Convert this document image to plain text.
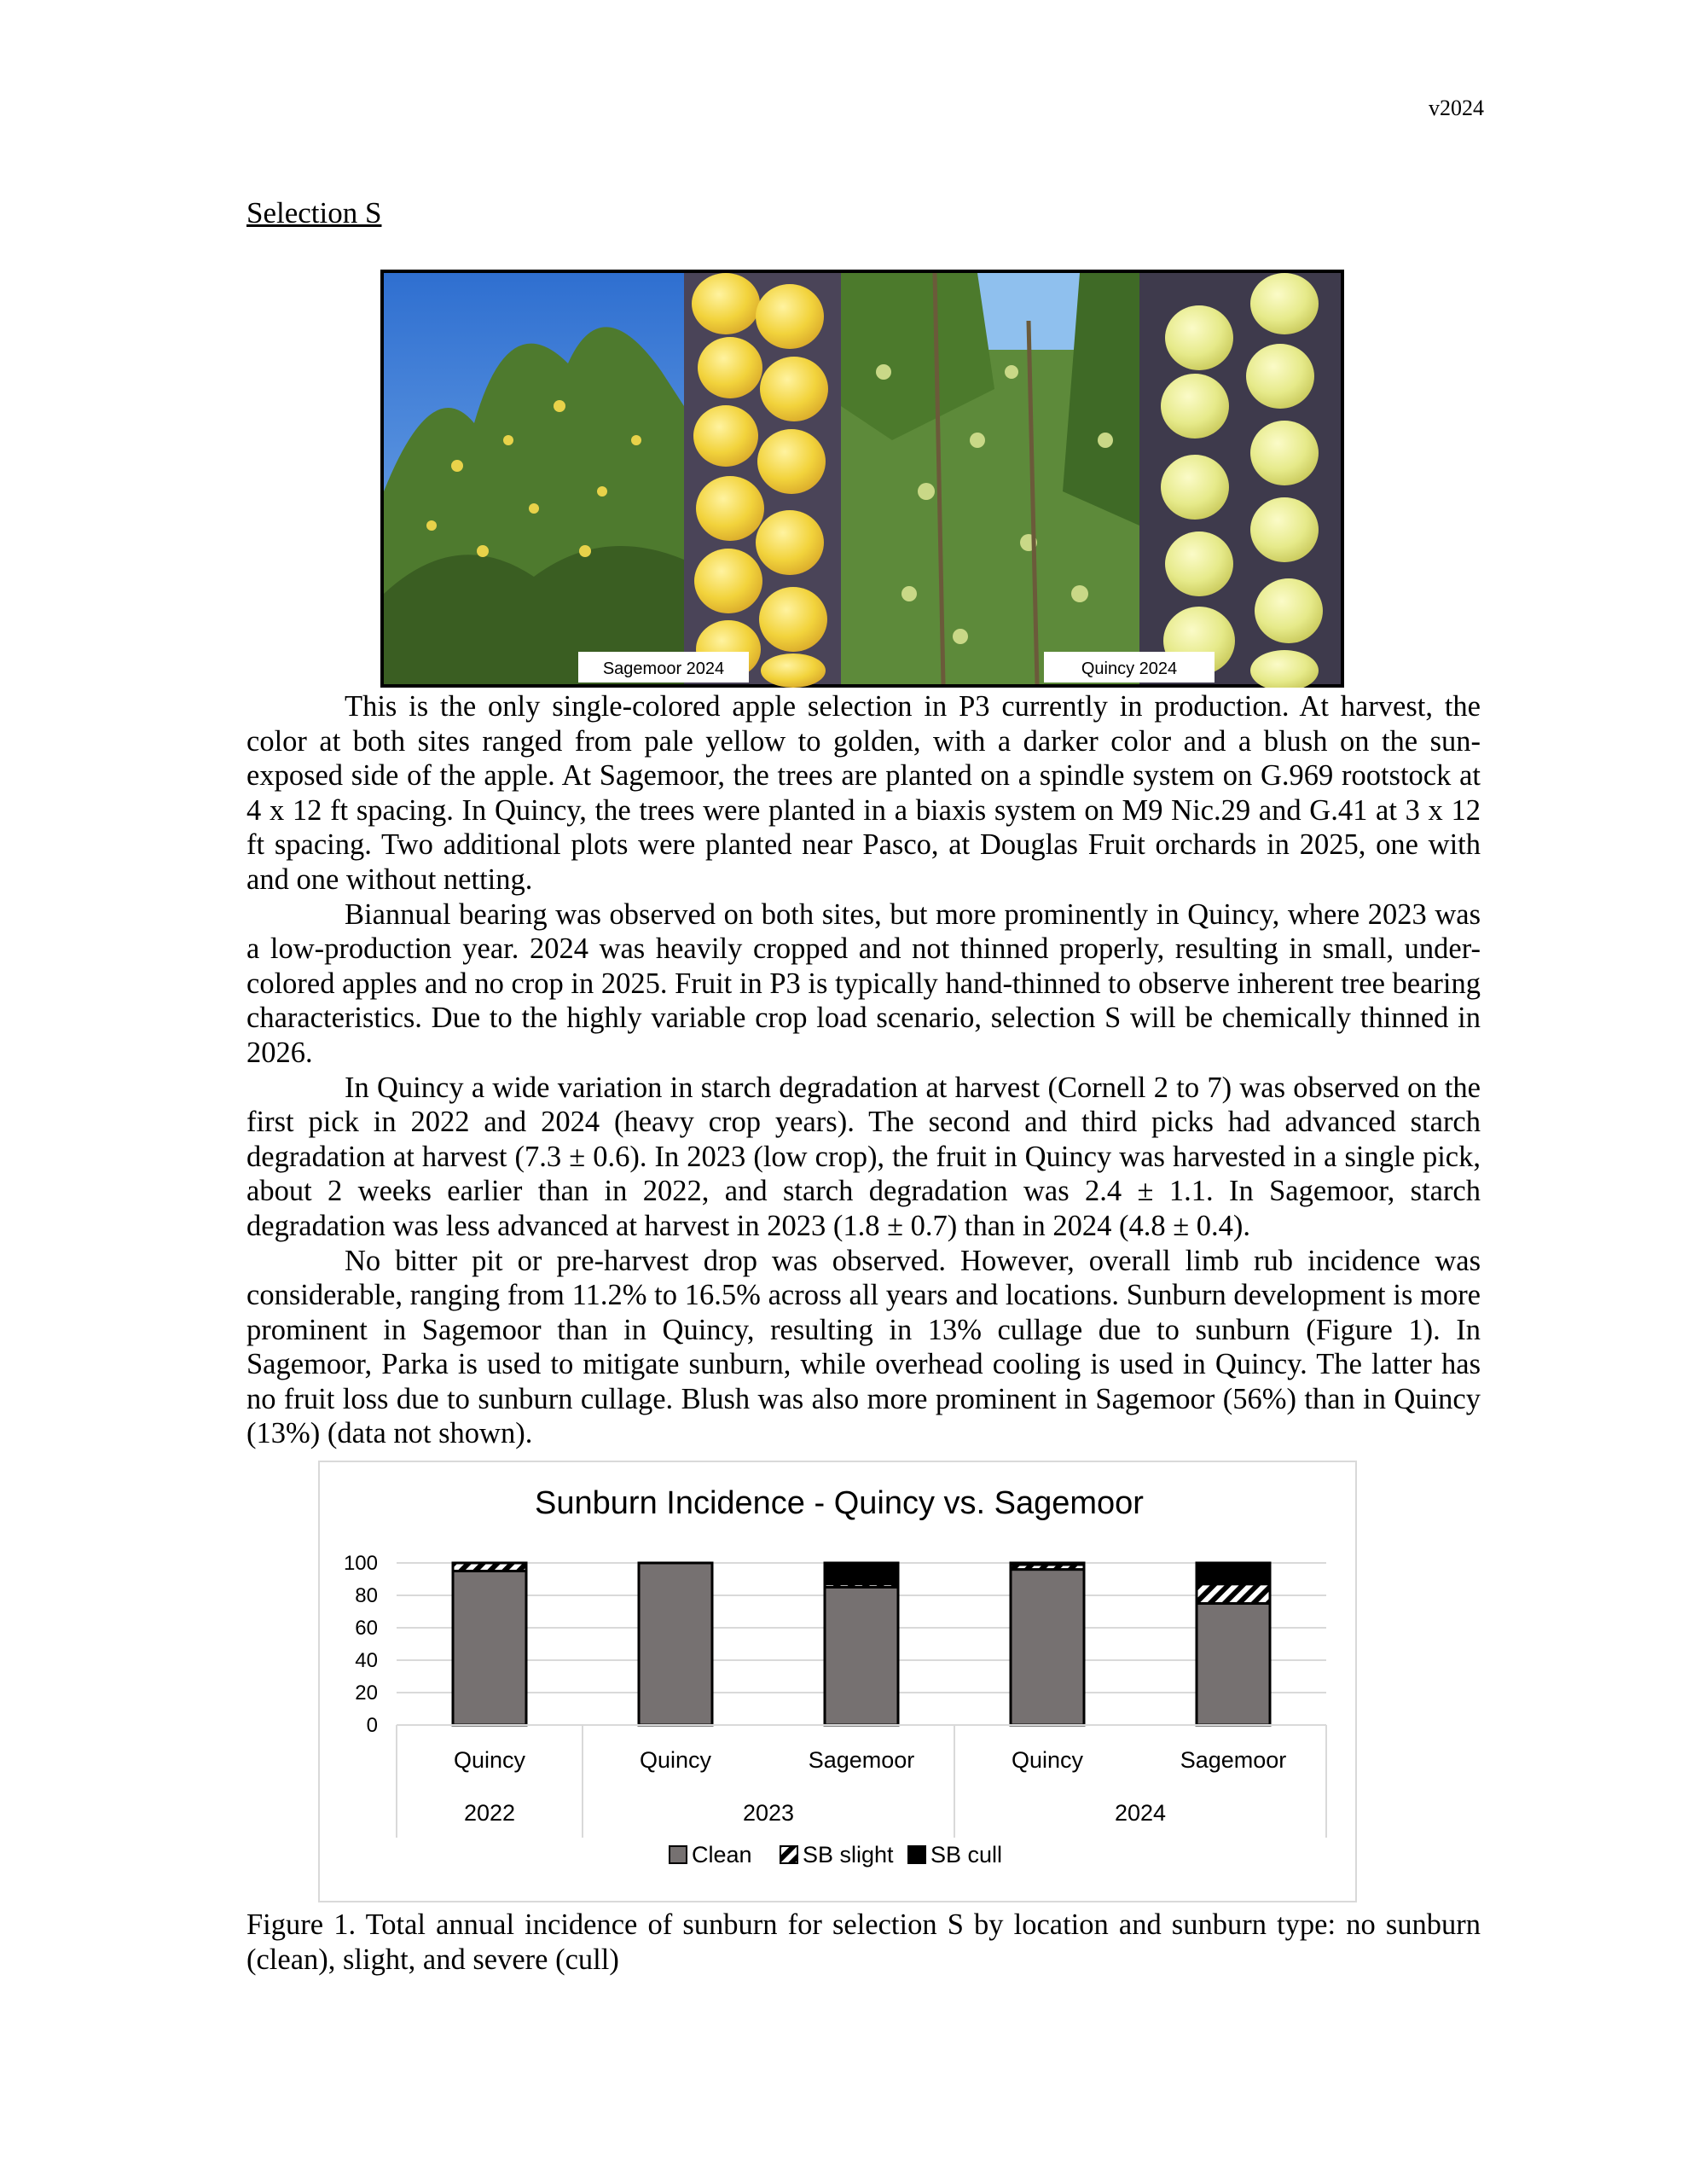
v2024
Selection S
Sagemoor 2024	Quincy 2024

This is the only single-colored apple selection in P3 currently in production. At harvest, the color at both sites ranged from pale yellow to golden, with a darker color and a blush on the sun-exposed side of the apple. At Sagemoor, the trees are planted on a spindle system on G.969 rootstock at 4 x 12 ft spacing. In Quincy, the trees were planted in a biaxis system on M9 Nic.29 and G.41 at 3 x 12 ft spacing. Two additional plots were planted near Pasco, at Douglas Fruit orchards in 2025, one with and one without netting.

Biannual bearing was observed on both sites, but more prominently in Quincy, where 2023 was a low-production year. 2024 was heavily cropped and not thinned properly, resulting in small, under-colored apples and no crop in 2025. Fruit in P3 is typically hand-thinned to observe inherent tree bearing characteristics. Due to the highly variable crop load scenario, selection S will be chemically thinned in 2026.

In Quincy a wide variation in starch degradation at harvest (Cornell 2 to 7) was observed on the first pick in 2022 and 2024 (heavy crop years). The second and third picks had advanced starch degradation at harvest (7.3 ± 0.6). In 2023 (low crop), the fruit in Quincy was harvested in a single pick, about 2 weeks earlier than in 2022, and starch degradation was 2.4 ± 1.1. In Sagemoor, starch degradation was less advanced at harvest in 2023 (1.8 ± 0.7) than in 2024 (4.8 ± 0.4).

No bitter pit or pre-harvest drop was observed. However, overall limb rub incidence was considerable, ranging from 11.2% to 16.5% across all years and locations. Sunburn development is more prominent in Sagemoor than in Quincy, resulting in 13% cullage due to sunburn (Figure 1). In Sagemoor, Parka is used to mitigate sunburn, while overhead cooling is used in Quincy. The latter has no fruit loss due to sunburn cullage. Blush was also more prominent in Sagemoor (56%) than in Quincy (13%) (data not shown).

Sunburn Incidence - Quincy vs. Sagemoor
0
20
40
60
80
100
Quincy	Quincy	Sagemoor	Quincy	Sagemoor
2022	2023	2024
Clean SB slight SB cull
Figure 1. Total annual incidence of sunburn for selection S by location and sunburn type: no sunburn (clean), slight, and severe (cull)
